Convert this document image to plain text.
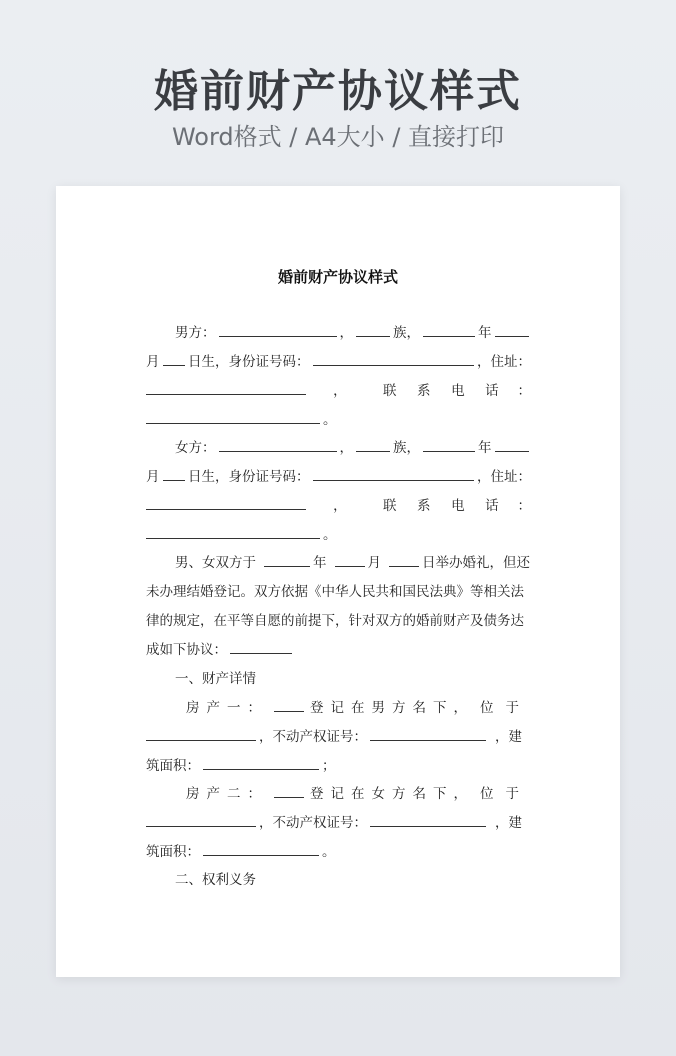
婚前财产协议样式
Word格式 / A4大小 / 直接打印
婚前财产协议样式
男方：	，	族，	年
月 日生，身份证号码：	，住址：
，	联	系	电	话	：
。
女方：	，	族，	年
月 日生，身份证号码：	，住址：
，	联	系	电	话	：
。
男、女双方于	年	月	日举办婚礼，但还
未办理结婚登记。双方依据《中华人民共和国民法典》等相关法
律的规定，在平等自愿的前提下，针对双方的婚前财产及债务达
成如下协议：
一、财产详情
房产一：	登记在男方名下， 位于
，不动产权证号：	，建
筑面积：	；
房产二：	登记在女方名下， 位于
，不动产权证号：	，建
筑面积：	。
二、权利义务
